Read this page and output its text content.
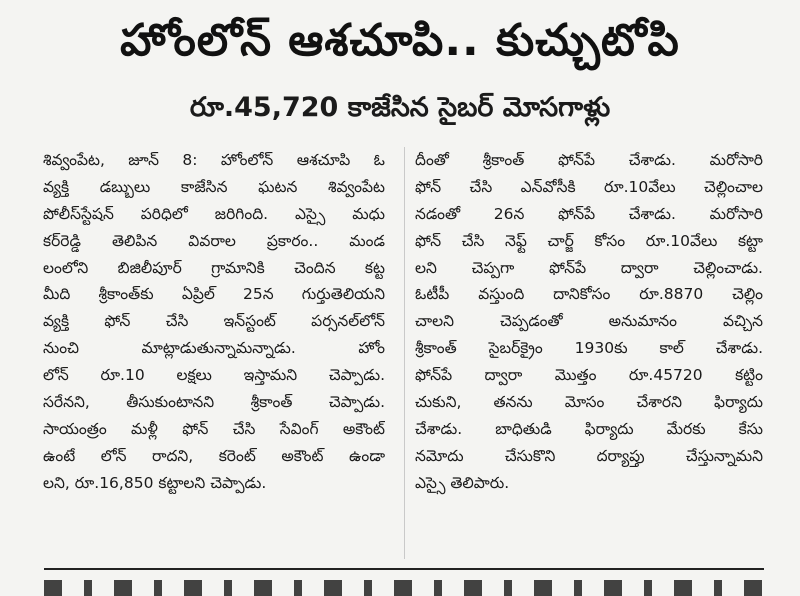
హోంలోన్ ఆశచూపి.. కుచ్చుటోపి
రూ.45,720 కాజేసిన సైబర్ మోసగాళ్లు
శివ్వంపేట, జూన్ 8: హోంలోన్ ఆశచూపి ఓ
వ్యక్తి డబ్బులు కాజేసిన ఘటన శివ్వంపేట
పోలీస్‌స్టేషన్ పరిధిలో జరిగింది. ఎస్సై మధు
కర్‌రెడ్డి తెలిపిన వివరాల ప్రకారం.. మండ
లంలోని బిజిలీపూర్ గ్రామానికి చెందిన కట్ట
మీది శ్రీకాంత్‌కు ఏప్రిల్ 25న గుర్తుతెలియని
వ్యక్తి ఫోన్ చేసి ఇన్‌స్టంట్ పర్సనల్‌లోన్
నుంచి మాట్లాడుతున్నామన్నాడు. హోం
లోన్ రూ.10 లక్షలు ఇస్తామని చెప్పాడు.
సరేనని, తీసుకుంటానని శ్రీకాంత్ చెప్పాడు.
సాయంత్రం మళ్లీ ఫోన్ చేసి సేవింగ్ అకౌంట్
ఉంటే లోన్ రాదని, కరెంట్ అకౌంట్ ఉండా
లని, రూ.16,850 కట్టాలని చెప్పాడు.
దీంతో శ్రీకాంత్ ఫోన్‌పే చేశాడు. మరోసారి
ఫోన్ చేసి ఎన్‌వోసీకి రూ.10వేలు చెల్లించాల
నడంతో 26న ఫోన్‌పే చేశాడు. మరోసారి
ఫోన్ చేసి నెఫ్ట్ చార్జ్ కోసం రూ.10వేలు కట్టా
లని చెప్పగా ఫోన్‌పే ద్వారా చెల్లించాడు.
ఓటీపీ వస్తుంది దానికోసం రూ.8870 చెల్లిం
చాలని చెప్పడంతో అనుమానం వచ్చిన
శ్రీకాంత్ సైబర్‌క్రైం 1930కు కాల్ చేశాడు.
ఫోన్‌పే ద్వారా మొత్తం రూ.45720 కట్టిం
చుకుని, తనను మోసం చేశారని ఫిర్యాదు
చేశాడు. బాధితుడి ఫిర్యాదు మేరకు కేసు
నమోదు చేసుకొని దర్యాప్తు చేస్తున్నామని
ఎస్సై తెలిపారు.
